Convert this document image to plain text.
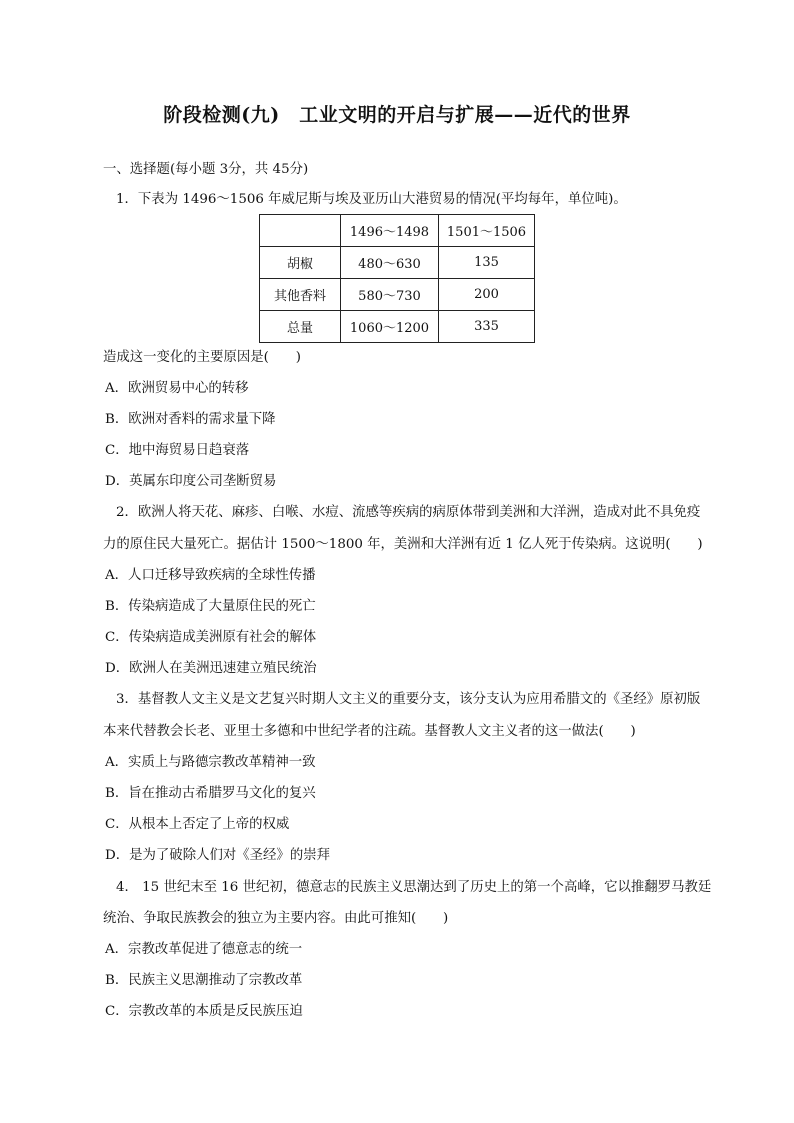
阶段检测(九)　工业文明的开启与扩展——近代的世界
一、选择题(每小题 3分，共 45分)
1．下表为 1496～1506 年威尼斯与埃及亚历山大港贸易的情况(平均每年，单位吨)。
	1496～1498	1501～1506
胡椒	480～630	135
其他香料	580～730	200
总量	1060～1200	335
造成这一变化的主要原因是(　　)
A．欧洲贸易中心的转移
B．欧洲对香料的需求量下降
C．地中海贸易日趋衰落
D．英属东印度公司垄断贸易
2．欧洲人将天花、麻疹、白喉、水痘、流感等疾病的病原体带到美洲和大洋洲，造成对此不具免疫
力的原住民大量死亡。据估计 1500～1800 年，美洲和大洋洲有近 1 亿人死于传染病。这说明(　　)
A．人口迁移导致疾病的全球性传播
B．传染病造成了大量原住民的死亡
C．传染病造成美洲原有社会的解体
D．欧洲人在美洲迅速建立殖民统治
3．基督教人文主义是文艺复兴时期人文主义的重要分支，该分支认为应用希腊文的《圣经》原初版
本来代替教会长老、亚里士多德和中世纪学者的注疏。基督教人文主义者的这一做法(　　)
A．实质上与路德宗教改革精神一致
B．旨在推动古希腊罗马文化的复兴
C．从根本上否定了上帝的权威
D．是为了破除人们对《圣经》的崇拜
4． 15 世纪末至 16 世纪初，德意志的民族主义思潮达到了历史上的第一个高峰，它以推翻罗马教廷
统治、争取民族教会的独立为主要内容。由此可推知(　　)
A．宗教改革促进了德意志的统一
B．民族主义思潮推动了宗教改革
C．宗教改革的本质是反民族压迫
